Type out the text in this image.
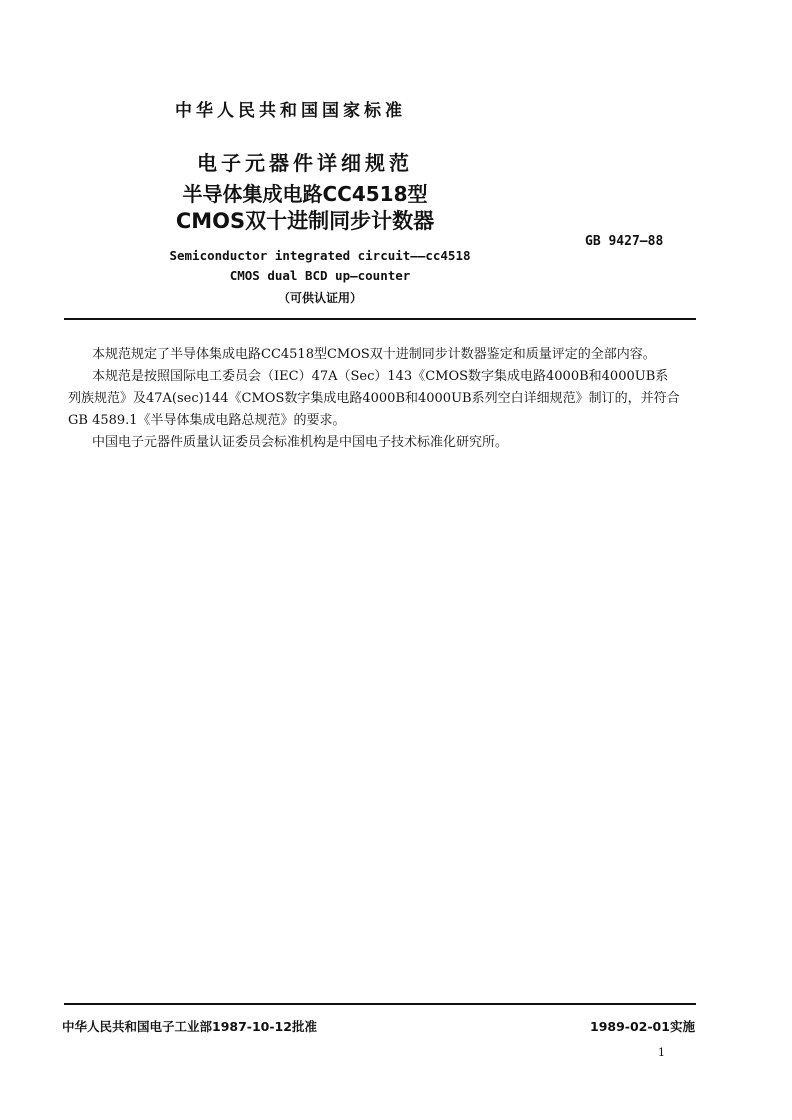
中华人民共和国国家标准
电子元器件详细规范
半导体集成电路CC4518型
CMOS双十进制同步计数器
GB 9427—88
Semiconductor integrated circuit——cc4518
CMOS dual BCD up—counter
（可供认证用）

本规范规定了半导体集成电路CC4518型CMOS双十进制同步计数器鉴定和质量评定的全部内容。

本规范是按照国际电工委员会（IEC）47A（Sec）143《CMOS数字集成电路4000B和4000UB系

列族规范》及47A(sec)144《CMOS数字集成电路4000B和4000UB系列空白详细规范》制订的，并符合

GB 4589.1《半导体集成电路总规范》的要求。

中国电子元器件质量认证委员会标准机构是中国电子技术标准化研究所。

中华人民共和国电子工业部1987-10-12批准	1989-02-01实施
1
